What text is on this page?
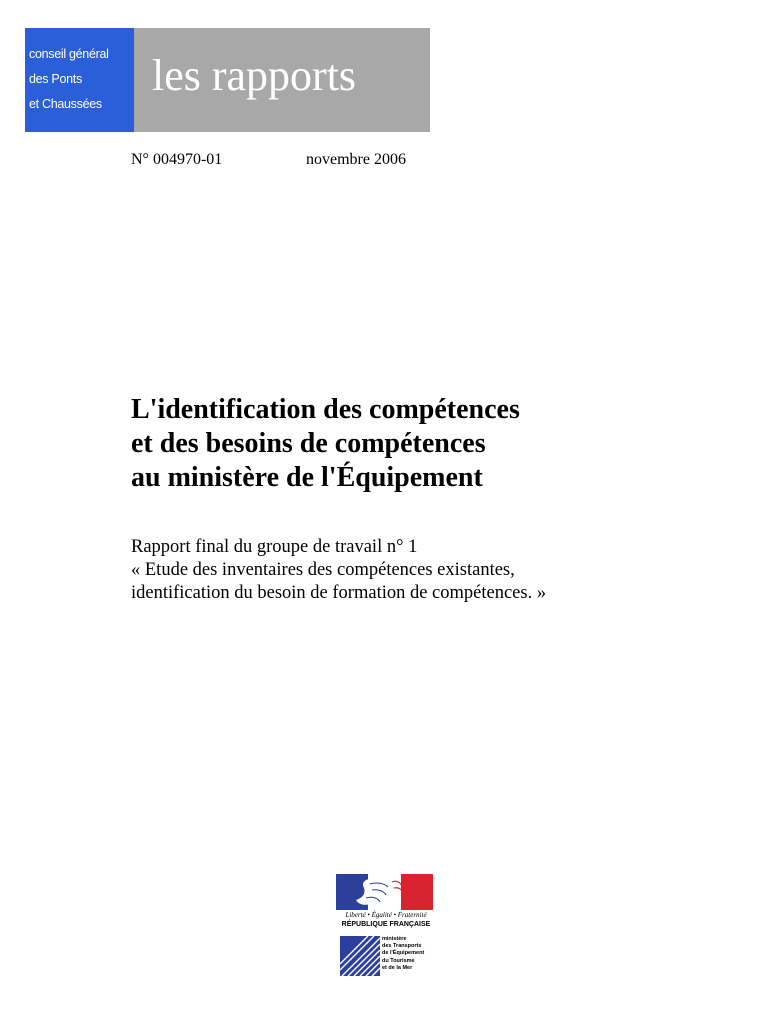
conseil général
des Ponts
et Chaussées
les rapports
N° 004970-01	novembre 2006
L'identification des compétences
et des besoins de compétences
au ministère de l'Équipement
Rapport final du groupe de travail n° 1
« Etude des inventaires des compétences existantes,
identification du besoin de formation de compétences. »
Liberté • Égalité • Fraternité
RÉPUBLIQUE FRANÇAISE
ministère
des Transports
de l'Équipement
du Tourisme
et de la Mer
